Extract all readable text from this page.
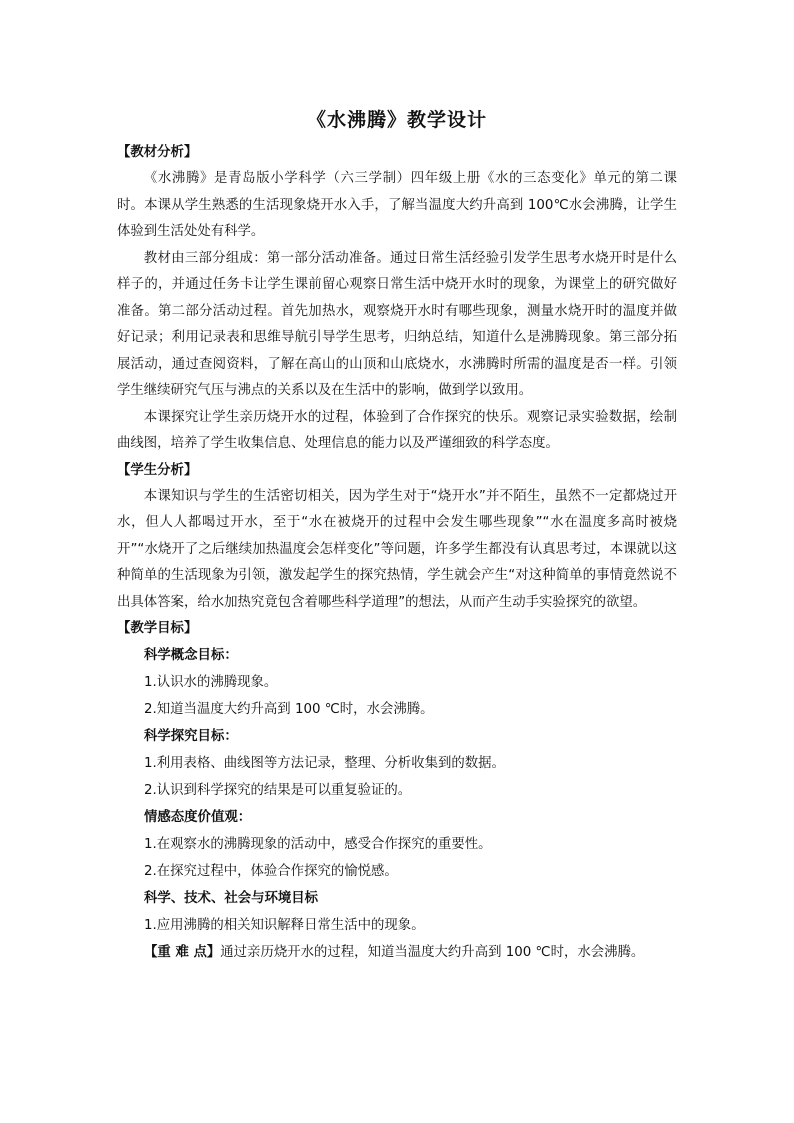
《水沸腾》教学设计
【教材分析】

《水沸腾》是青岛版小学科学（六三学制）四年级上册《水的三态变化》单元的第二课时。本课从学生熟悉的生活现象烧开水入手，了解当温度大约升高到 100℃水会沸腾，让学生体验到生活处处有科学。

教材由三部分组成：第一部分活动准备。通过日常生活经验引发学生思考水烧开时是什么样子的，并通过任务卡让学生课前留心观察日常生活中烧开水时的现象，为课堂上的研究做好准备。第二部分活动过程。首先加热水，观察烧开水时有哪些现象，测量水烧开时的温度并做好记录；利用记录表和思维导航引导学生思考，归纳总结，知道什么是沸腾现象。第三部分拓展活动，通过查阅资料，了解在高山的山顶和山底烧水，水沸腾时所需的温度是否一样。引领学生继续研究气压与沸点的关系以及在生活中的影响，做到学以致用。

本课探究让学生亲历烧开水的过程，体验到了合作探究的快乐。观察记录实验数据，绘制曲线图，培养了学生收集信息、处理信息的能力以及严谨细致的科学态度。

【学生分析】

本课知识与学生的生活密切相关，因为学生对于“烧开水”并不陌生，虽然不一定都烧过开水，但人人都喝过开水，至于“水在被烧开的过程中会发生哪些现象”“水在温度多高时被烧开”“水烧开了之后继续加热温度会怎样变化”等问题，许多学生都没有认真思考过，本课就以这种简单的生活现象为引领，激发起学生的探究热情，学生就会产生“对这种简单的事情竟然说不出具体答案，给水加热究竟包含着哪些科学道理”的想法，从而产生动手实验探究的欲望。

【教学目标】
科学概念目标：
1.认识水的沸腾现象。
2.知道当温度大约升高到 100 ℃时，水会沸腾。
科学探究目标：
1.利用表格、曲线图等方法记录，整理、分析收集到的数据。
2.认识到科学探究的结果是可以重复验证的。
情感态度价值观：
1.在观察水的沸腾现象的活动中，感受合作探究的重要性。
2.在探究过程中，体验合作探究的愉悦感。
科学、技术、社会与环境目标
1.应用沸腾的相关知识解释日常生活中的现象。
【重 难 点】通过亲历烧开水的过程，知道当温度大约升高到 100 ℃时，水会沸腾。
